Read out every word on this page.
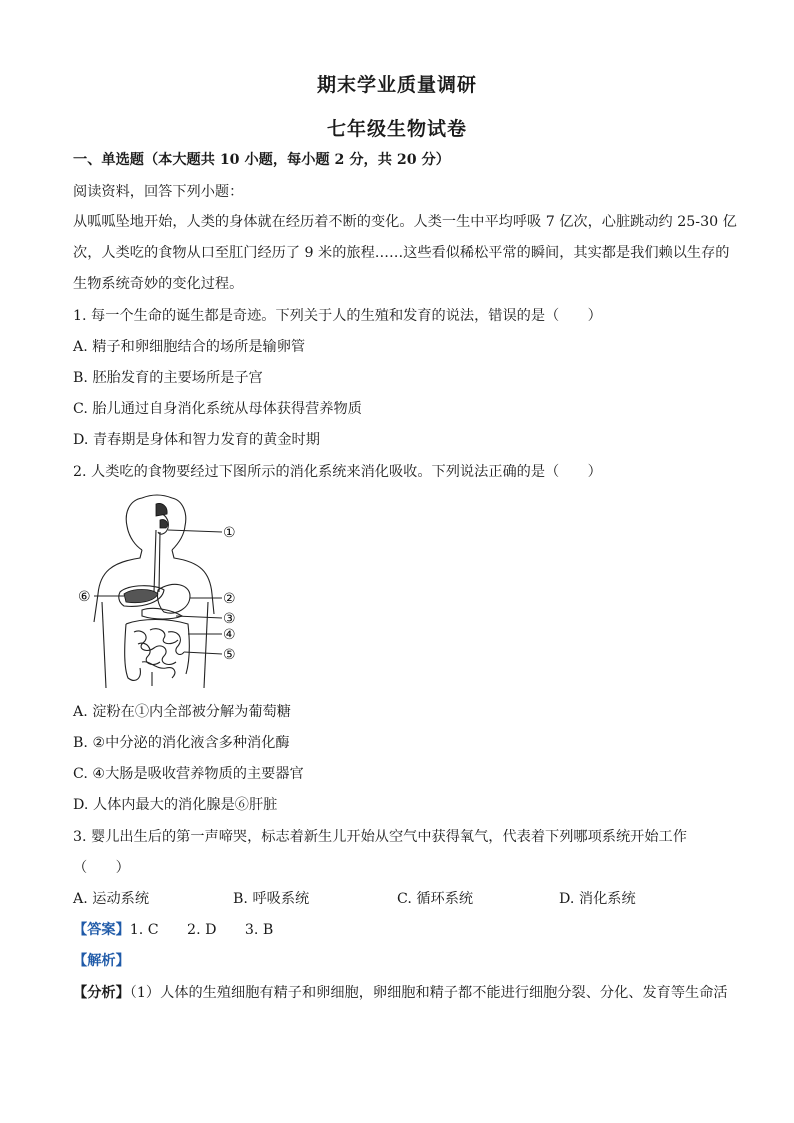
期末学业质量调研
七年级生物试卷
一、单选题（本大题共 10 小题，每小题 2 分，共 20 分）
阅读资料，回答下列小题：
从呱呱坠地开始，人类的身体就在经历着不断的变化。人类一生中平均呼吸 7 亿次，心脏跳动约 25-30 亿
次，人类吃的食物从口至肛门经历了 9 米的旅程……这些看似稀松平常的瞬间，其实都是我们赖以生存的
生物系统奇妙的变化过程。
1. 每一个生命的诞生都是奇迹。下列关于人的生殖和发育的说法，错误的是（　　）
A. 精子和卵细胞结合的场所是输卵管
B. 胚胎发育的主要场所是子宫
C. 胎儿通过自身消化系统从母体获得营养物质
D. 青春期是身体和智力发育的黄金时期
2. 人类吃的食物要经过下图所示的消化系统来消化吸收。下列说法正确的是（　　）
①
②
③
④
⑤
⑥
A. 淀粉在①内全部被分解为葡萄糖
B. ②中分泌的消化液含多种消化酶
C. ④大肠是吸收营养物质的主要器官
D. 人体内最大的消化腺是⑥肝脏
3. 婴儿出生后的第一声啼哭，标志着新生儿开始从空气中获得氧气，代表着下列哪项系统开始工作
（　　）
A. 运动系统	B. 呼吸系统	C. 循环系统	D. 消化系统
【答案】1. C　　2. D　　3. B
【解析】
【分析】（1）人体的生殖细胞有精子和卵细胞，卵细胞和精子都不能进行细胞分裂、分化、发育等生命活
